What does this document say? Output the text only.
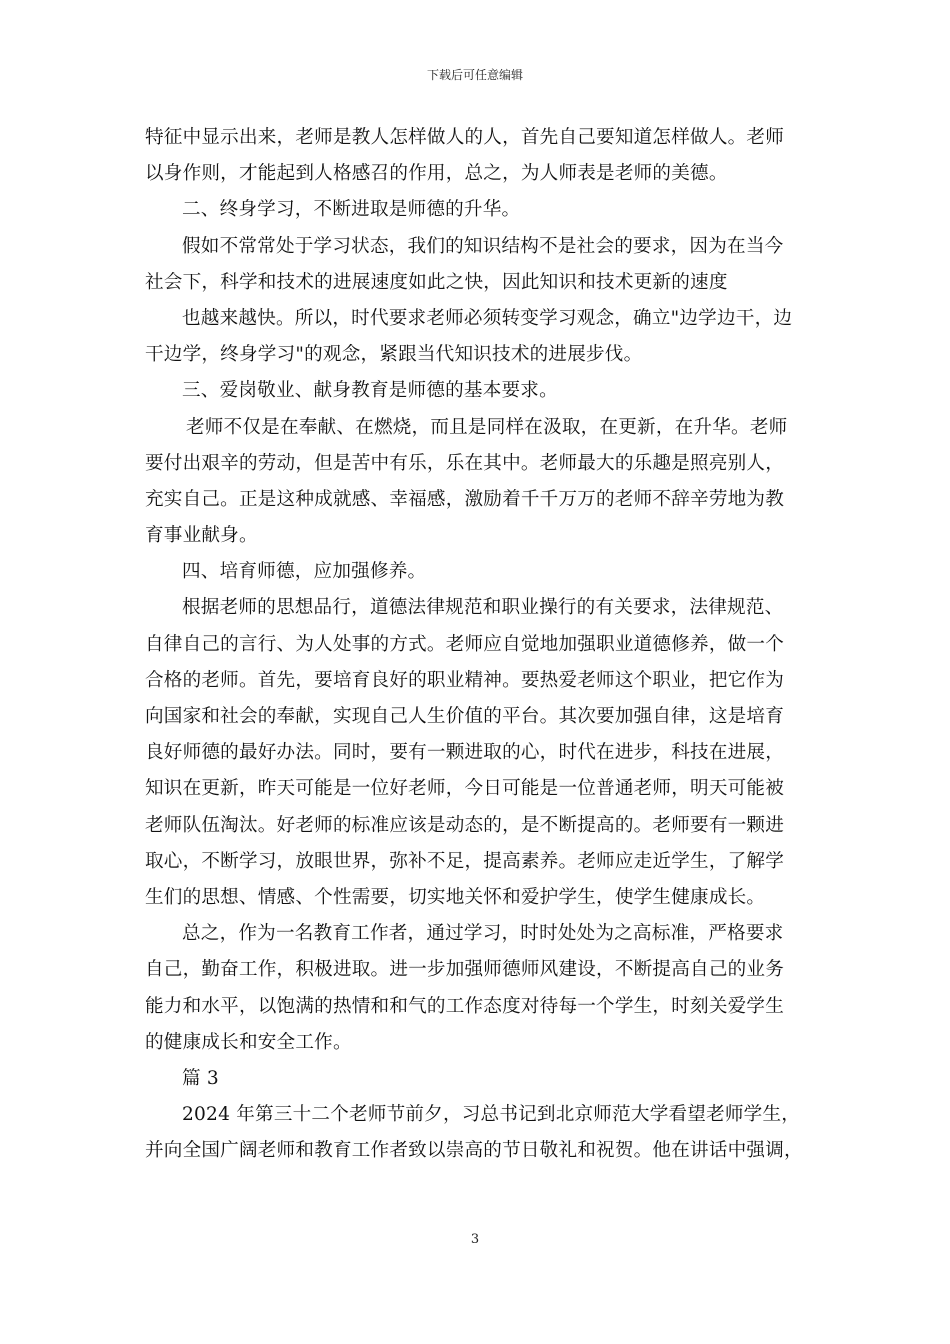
下载后可任意编辑
特征中显示出来，老师是教人怎样做人的人，首先自己要知道怎样做人。老师
以身作则，才能起到人格感召的作用，总之，为人师表是老师的美德。
二、终身学习，不断进取是师德的升华。
假如不常常处于学习状态，我们的知识结构不是社会的要求，因为在当今
社会下，科学和技术的进展速度如此之快，因此知识和技术更新的速度
也越来越快。所以，时代要求老师必须转变学习观念，确立"边学边干，边
干边学，终身学习"的观念，紧跟当代知识技术的进展步伐。
三、爱岗敬业、献身教育是师德的基本要求。
老师不仅是在奉献、在燃烧，而且是同样在汲取，在更新，在升华。老师
要付出艰辛的劳动，但是苦中有乐，乐在其中。老师最大的乐趣是照亮别人，
充实自己。正是这种成就感、幸福感，激励着千千万万的老师不辞辛劳地为教
育事业献身。
四、培育师德，应加强修养。
根据老师的思想品行，道德法律规范和职业操行的有关要求，法律规范、
自律自己的言行、为人处事的方式。老师应自觉地加强职业道德修养，做一个
合格的老师。首先，要培育良好的职业精神。要热爱老师这个职业，把它作为
向国家和社会的奉献，实现自己人生价值的平台。其次要加强自律，这是培育
良好师德的最好办法。同时，要有一颗进取的心，时代在进步，科技在进展，
知识在更新，昨天可能是一位好老师，今日可能是一位普通老师，明天可能被
老师队伍淘汰。好老师的标准应该是动态的，是不断提高的。老师要有一颗进
取心，不断学习，放眼世界，弥补不足，提高素养。老师应走近学生，了解学
生们的思想、情感、个性需要，切实地关怀和爱护学生，使学生健康成长。
总之，作为一名教育工作者，通过学习，时时处处为之高标准，严格要求
自己，勤奋工作，积极进取。进一步加强师德师风建设，不断提高自己的业务
能力和水平，以饱满的热情和和气的工作态度对待每一个学生，时刻关爱学生
的健康成长和安全工作。
篇 3
2024 年第三十二个老师节前夕，习总书记到北京师范大学看望老师学生，
并向全国广阔老师和教育工作者致以崇高的节日敬礼和祝贺。他在讲话中强调，
3
